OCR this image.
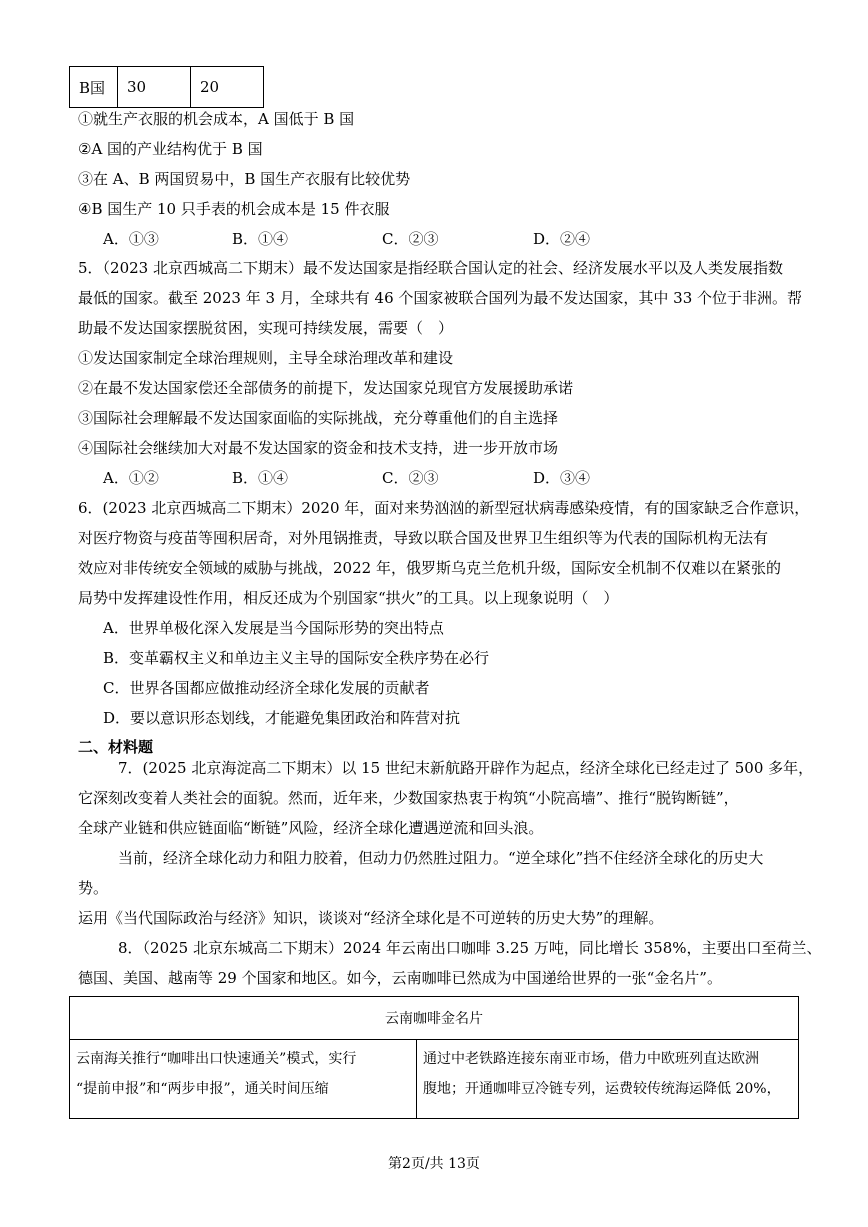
B国	30	20
①就生产衣服的机会成本，A 国低于 B 国
②A 国的产业结构优于 B 国
③在 A、B 两国贸易中，B 国生产衣服有比较优势
④B 国生产 10 只手表的机会成本是 15 件衣服
A．①③	B．①④	C．②③	D．②④
5．（2023 北京西城高二下期末）最不发达国家是指经联合国认定的社会、经济发展水平以及人类发展指数
最低的国家。截至 2023 年 3 月，全球共有 46 个国家被联合国列为最不发达国家，其中 33 个位于非洲。帮
助最不发达国家摆脱贫困，实现可持续发展，需要（　）
①发达国家制定全球治理规则，主导全球治理改革和建设
②在最不发达国家偿还全部债务的前提下，发达国家兑现官方发展援助承诺
③国际社会理解最不发达国家面临的实际挑战，充分尊重他们的自主选择
④国际社会继续加大对最不发达国家的资金和技术支持，进一步开放市场
A．①②	B．①④	C．②③	D．③④
6．(2023 北京西城高二下期末）2020 年，面对来势汹汹的新型冠状病毒感染疫情，有的国家缺乏合作意识，
对医疗物资与疫苗等囤积居奇，对外甩锅推责，导致以联合国及世界卫生组织等为代表的国际机构无法有
效应对非传统安全领域的威胁与挑战，2022 年，俄罗斯乌克兰危机升级，国际安全机制不仅难以在紧张的
局势中发挥建设性作用，相反还成为个别国家“拱火”的工具。以上现象说明（　）
A．世界单极化深入发展是当今国际形势的突出特点
B．变革霸权主义和单边主义主导的国际安全秩序势在必行
C．世界各国都应做推动经济全球化发展的贡献者
D．要以意识形态划线，才能避免集团政治和阵营对抗
二、材料题
7．(2025 北京海淀高二下期末）以 15 世纪末新航路开辟作为起点，经济全球化已经走过了 500 多年，
它深刻改变着人类社会的面貌。然而，近年来，少数国家热衷于构筑“小院高墙”、推行“脱钩断链”，
全球产业链和供应链面临“断链”风险，经济全球化遭遇逆流和回头浪。
当前，经济全球化动力和阻力胶着，但动力仍然胜过阻力。“逆全球化”挡不住经济全球化的历史大
势。
运用《当代国际政治与经济》知识，谈谈对“经济全球化是不可逆转的历史大势”的理解。
8．（2025 北京东城高二下期末）2024 年云南出口咖啡 3.25 万吨，同比增长 358%，主要出口至荷兰、
德国、美国、越南等 29 个国家和地区。如今，云南咖啡已然成为中国递给世界的一张“金名片”。
云南咖啡金名片

云南海关推行“咖啡出口快速通关”模式，实行
“提前申报”和“两步申报”，通关时间压缩

通过中老铁路连接东南亚市场，借力中欧班列直达欧洲
腹地；开通咖啡豆冷链专列，运费较传统海运降低 20%，
第2页/共 13页
